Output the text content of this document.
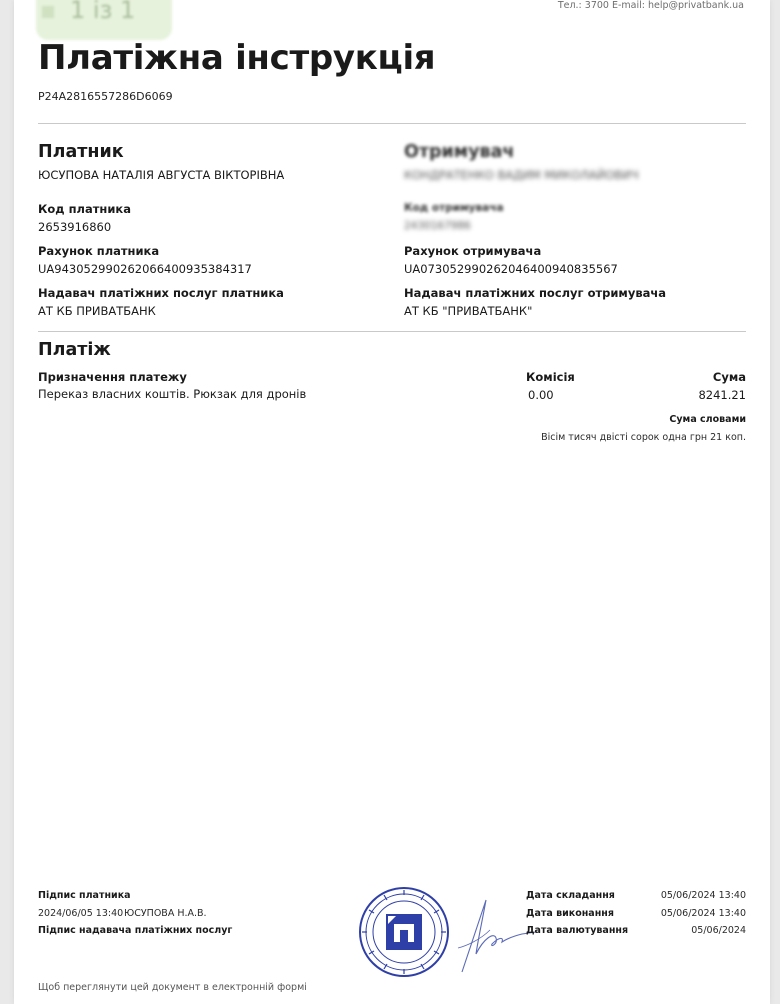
1 із 1	Тел.: 3700 E-mail: help@privatbank.ua
Платіжна інструкція
P24A2816557286D6069
Платник
ЮСУПОВА НАТАЛІЯ АВГУСТА ВІКТОРІВНА
Код платника
2653916860
Рахунок платника
UA943052990262066400935384317
Надавач платіжних послуг платника
АТ КБ ПРИВАТБАНК
Отримувач
КОНДРАТЕНКО ВАДИМ МИКОЛАЙОВИЧ
Код отримувача
2430167986
Рахунок отримувача
UA073052990262046400940835567
Надавач платіжних послуг отримувача
АТ КБ "ПРИВАТБАНК"
Платіж
Призначення платежу
Переказ власних коштів. Рюкзак для дронів
Комісія
0.00
Сума
8241.21
Сума словами
Вісім тисяч двісті сорок одна грн 21 коп.
Підпис платника
2024/06/05 13:40 ЮСУПОВА Н.А.В.
Підпис надавача платіжних послуг
Дата складання	05/06/2024 13:40
Дата виконання	05/06/2024 13:40
Дата валютування	05/06/2024
Щоб переглянути цей документ в електронній формі
